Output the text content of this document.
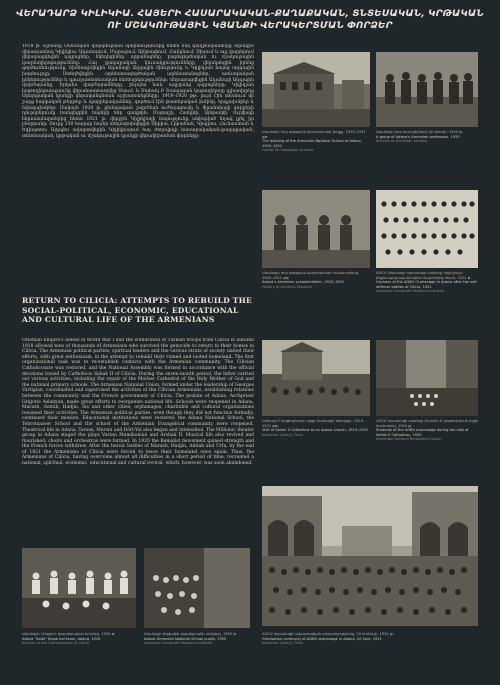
ՎԵՐԱԴԱՐՁ ԿԻԼԻԿԻԱ. ՀԱՅԵՐԻ ՀԱՍԱՐԱԿԱԿԱՆ-ՔԱՂԱՔԱԿԱՆ, ՏՆՏԵՍԱԿԱՆ, ԿՐԹԱԿԱՆ ՈՒ ՄՇԱԿՈՒԹԱՅԻՆ ԿՅԱՆՔԻ ՎԵՐԱԿԵՐՏՄԱՆ ՓՈՐՁԵՐ

1918 թ. աշնանը Օսմանյան կայսրության պարտությունից հետո հայ գաղթականները սկսեցին վերադառնալ Կիլիկիա։ Ադանայում, Մարաշում, Այնթափում, Հաճընում, Սիսում և այլ վայրերում վերաբացվեցին դպրոցներ, եկեղեցիներ, որբանոցներ, բարեգործական ու մշակութային կազմակերպություններ։ Հայ քաղաքական կուսակցությունները վերսկսեցին իրենց գործունեությունը, հիմնադրվեցին Ադանայի Ազգային միությունը և Կիլիկյան հայոց ազգային խորհուրդը։ Ստեղծվեցին արհեստագործական արհեստանոցներ, առևտրական ընկերություններ և գյուղատնտեսական ձեռնարկություններ։ Վերաբացվեցին Ադանայի Ազգային վարժարանը, Երկսեռ վարժարանները, ինչպես նաև աղջկանց դպրոցները։ Կիլիկյան կաթողիկոսությունը վերահաստատվեց Սսում, և Սահակ Բ Խապայան կաթողիկոսը գլխավորեց եկեղեցական կյանքի վերականգնման աշխատանքները։ 1919–1920 թթ. լույս էին տեսնում մի շարք հայկական թերթեր և պարբերականներ, գործում էին թատերական խմբեր, երգչախմբեր և նվագախմբեր։ Սակայն 1920 թ. քեմալական շարժման ուժեղացումը և Ֆրանսիայի զորքերի դուրսբերումը հանգեցրին հայերի նոր գաղթին։ Մարաշի, Հաճընի, Այնթափի, Ուրֆայի հերոսամարտերից հետո 1921 թ. վերջին Կիլիկիայի հայությունը ստիպված եղավ լքել իր բնօրրանը։ Շուրջ 150 հազար հայեր տեղափոխվեցին Սիրիա, Լիբանան, Կիպրոս, Հունաստան և Եգիպտոս։ Այդպես ավարտվեցին Կիլիկիայում հայ ժողովրդի հասարակական-քաղաքական, տնտեսական, կրթական ու մշակութային կյանքի վերակերտման փորձերը։

RETURN TO CILICIA: ATTEMPTS TO REBUILD THE SOCIAL-POLITICAL, ECONOMIC, EDUCATIONAL AND CULTURAL LIFE OF THE ARMENIANS

Ottoman Empire's defeat in World War I and the withdrawal of Turkish troops from Cilicia in autumn 1918 allowed tens of thousands of Armenians who survived the genocide to return to their homes in Cilicia. The Armenian political parties, spiritual leaders and the various strata of society united their efforts, with great enthusiasm, in the attempt to rebuild their ruined and looted homeland. The first organizational task was to re-establish contacts with the Armenian community. The Cilician Catholicosate was restored, and the National Assembly was formed in accordance with the official decisions issued by Catholicos Sahak II of Cilicia. During the seven-month period, the latter carried out various activities, including the repair of the Mother Cathedral of the Holy Mother of God and the national primary schools. The Armenian National Union, formed under the leadership of Georges Vartigian, coordinated and supervised the activities of the Cilician Armenians, establishing relations between the community and the French government of Cilicia. The prelate of Adana, Archpriest Grigoris Aslanyan, made great efforts to reorganize national life. Schools were reopened in Adana, Marash, Aintab, Hadjin, Sis and other cities; orphanages, charitable and cultural organizations resumed their activities. The Armenian political parties, even though they did not function formally, continued their mission. Educational institutions were restored; the Adana National School, the Tebrotsasser School and the school of the Armenian Evangelical community were reopened. Theatrical life in Adana, Tarsus, Mersin and Dört-Yol also began and intensified. The Millionic theater group in Adana staged the plays Vartan Mamikonian and Arshak II. Musical life also revived and flourished; choirs and orchestras were formed. In 1920 the Kemalist movement gained strength and the French forces withdrew. After the heroic battles of Marash, Hadjin, Aintab and Urfa, by the end of 1921 the Armenians of Cilicia were forced to leave their homeland once again. Thus, the Armenians of Cilicia, having overcome almost all difficulties in a short period of time, recreated a national, spiritual, economic, educational and cultural revival, which, however, was soon abandoned.

Ադանայի հայ ազգային վարժարանի շենքը, 1920–1921 թթ.
The building of the Armenian National School of Adana, 1920–1921
Hakob Ter-Hakobyan Archive
Ադանայի հայ ուսուցիչների մի խումբ, 1920 թ.
A group of Adana's Armenian professors, 1920
Archive of Armenian Studies
Ադանայի հայ ազգային վարժարանի ուսանողները, 1920–1921 թթ.
Adana's Armenian schoolchildren, 1920–1921
History of Armenia Museum
ՀԲԸՄ Ադանայի որբանոցի սաները Կիլիկիայի ինքնապաշտպանական մարտերից հետո, 1921 թ.
Orphans of the AGBU Orphanage in Adana after the self-defense battles of Cilicia, 1921
Armenian Genocide Museum-Institute
Սահակ Բ կաթողիկոսի այցը Ադանայի եկեղեցի, 1919–1921 թթ.
Visit of Sahak II Catholicos to an Adana church, 1919–1921
Nubarian Library, Paris
ՀԲԸՄ որբանոցի սաները Սահակ Բ կաթողիկոսի այցի ժամանակ, 1920 թ.
Students of the AGBU orphanage during the visit of Sahak II Catholicos, 1920
Armenian General Benevolent Union
Ադանայի «Սալբի» թատերական խումբը, 1920 թ.
Adana "Salbi" theatrical team, Adana, 1920
Archive of the Catholicosate of Cilicia
Ադանայի Ազգային վարժարանի սաները, 1920 թ.
Adana Armenian National School pupils, 1920
Armenian Genocide Museum-Institute
ՀԲԸՄ որբանոցի ավարտական արարողությունը, 20 հունիսի, 1921 թ.
Graduation ceremony of AGBU orphanage in Adana, 20 June, 1921
Nubarian Library, Paris
